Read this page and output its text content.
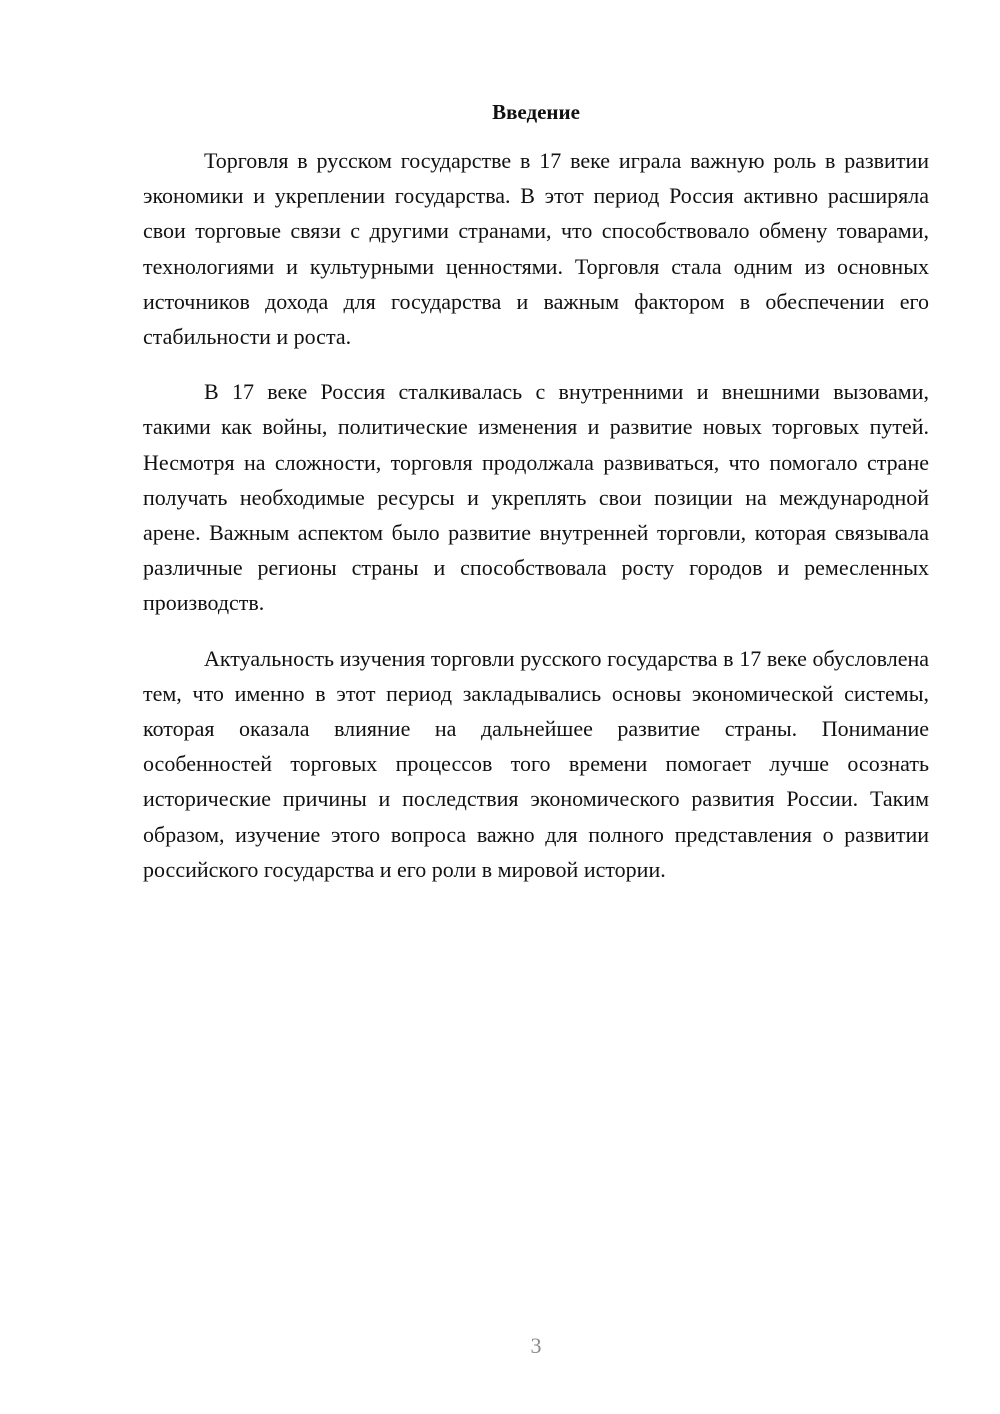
Введение

Торговля в русском государстве в 17 веке играла важную роль в развитии экономики и укреплении государства. В этот период Россия активно расширяла свои торговые связи с другими странами, что способствовало обмену товарами, технологиями и культурными ценностями. Торговля стала одним из основных источников дохода для государства и важным фактором в обеспечении его стабильности и роста.

В 17 веке Россия сталкивалась с внутренними и внешними вызовами, такими как войны, политические изменения и развитие новых торговых путей. Несмотря на сложности, торговля продолжала развиваться, что помогало стране получать необходимые ресурсы и укреплять свои позиции на международной арене. Важным аспектом было развитие внутренней торговли, которая связывала различные регионы страны и способствовала росту городов и ремесленных производств.

Актуальность изучения торговли русского государства в 17 веке обусловлена тем, что именно в этот период закладывались основы экономической системы, которая оказала влияние на дальнейшее развитие страны. Понимание особенностей торговых процессов того времени помогает лучше осознать исторические причины и последствия экономического развития России. Таким образом, изучение этого вопроса важно для полного представления о развитии российского государства и его роли в мировой истории.

3
